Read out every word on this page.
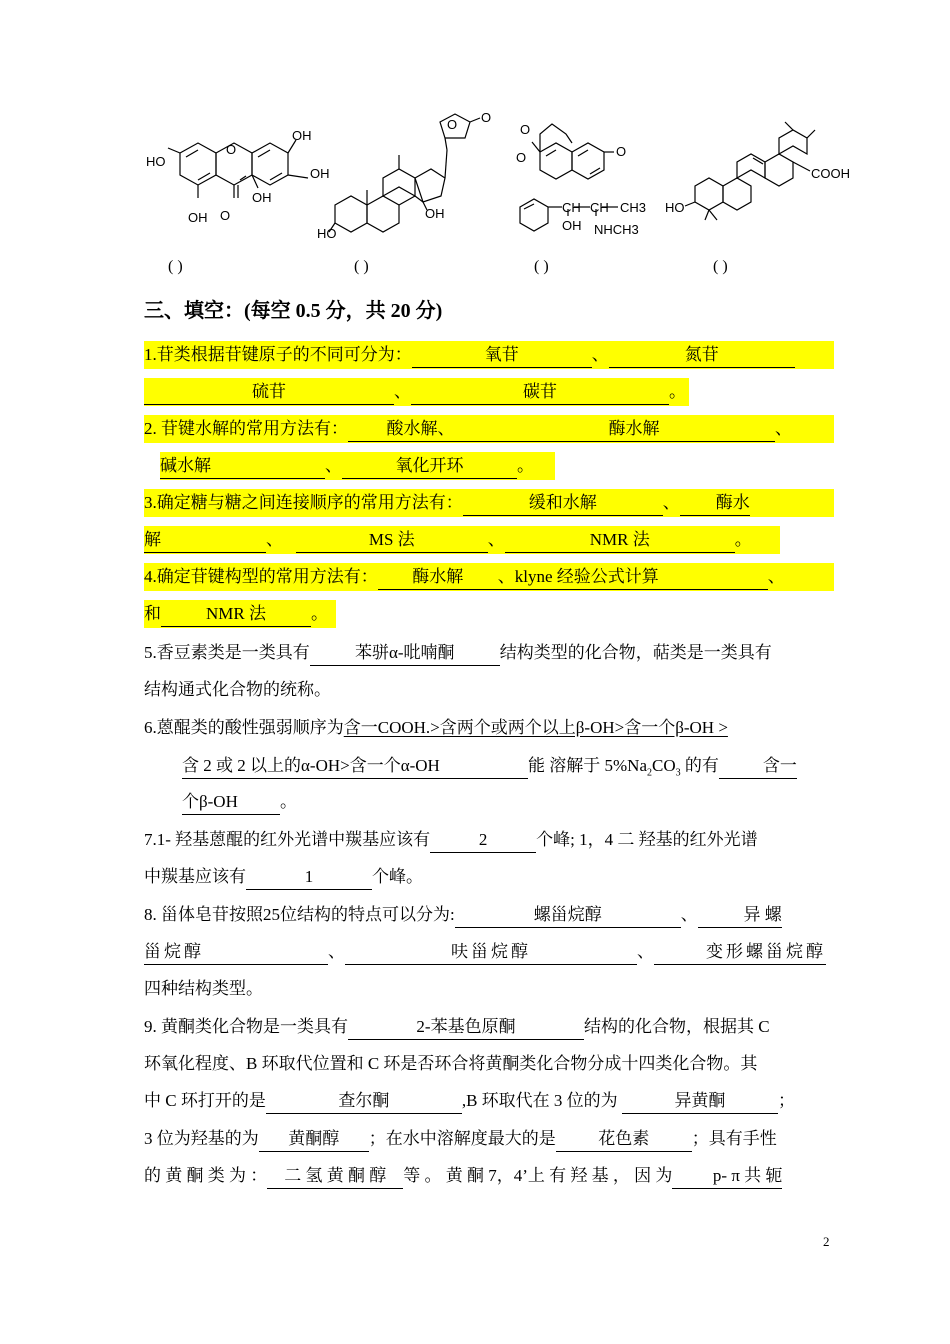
HO
OH
OH
OH
OH
O
O
O O
OH
HO
O
O	O
CH CH CH3
OH NHCH3
COOH
HO
( )	( )	( )	( )
三、填空：(每空 0.5 分，共 20 分)
1.苷类根据苷键原子的不同可分为：	氧苷	、	氮苷
硫苷	、	碳苷	。
2. 苷键水解的常用方法有： 酸水解、	酶水解	、
碱水解	、	氧化开环	。
3.确定糖与糖之间连接顺序的常用方法有：	缓和水解	、 酶水
解	、	MS 法	、	NMR 法	。
4.确定苷键构型的常用方法有： 酶水解 、klyne 经验公式计算	、
和	NMR 法	。
5.香豆素类是一类具有	苯骈α-吡喃酮	结构类型的化合物，萜类是一类具有
结构通式化合物的统称。
6.蒽醌类的酸性强弱顺序为含一COOH.>含两个或两个以上β-OH>含一个β-OH >
含 2 或 2 以上的α-OH>含一个α-OH	能 溶解于 $5\%Na_2CO_3$ 的有	含一
个β-OH 。
7.1- 羟基蒽醌的红外光谱中羰基应该有	2	个峰; 1，4 二 羟基的红外光谱
中羰基应该有	1	个峰。
8. 甾体皂苷按照25位结构的特点可以分为:	螺甾烷醇	、	异 螺
甾烷醇	、	呋甾烷醇	、	变形螺甾烷醇
四种结构类型。
9. 黄酮类化合物是一类具有	2-苯基色原酮	结构的化合物，根据其 C
环氧化程度、B 环取代位置和 C 环是否环合将黄酮类化合物分成十四类化合物。其
中 C 环打开的是	查尔酮	,B 环取代在 3 位的为	异黄酮	；
3 位为羟基的为 黄酮醇 ；在水中溶解度最大的是	花色素	；具有手性
的 黄 酮 类 为 ： 二 氢 黄 酮 醇 等 。 黄 酮 7，4’上 有 羟 基 ， 因 为 p- π 共 轭
2
